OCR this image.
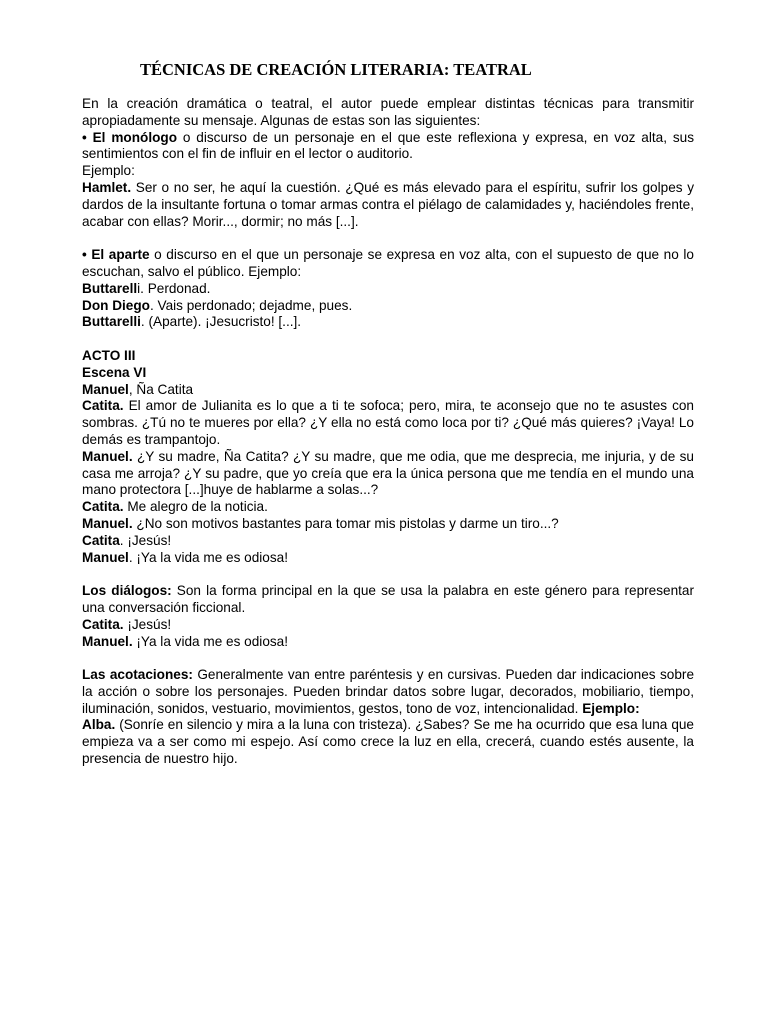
TÉCNICAS DE CREACIÓN LITERARIA: TEATRAL

En la creación dramática o teatral, el autor puede emplear distintas técnicas para transmitir apropiadamente su mensaje. Algunas de estas son las siguientes:

• El monólogo o discurso de un personaje en el que este reflexiona y expresa, en voz alta, sus sentimientos con el fin de influir en el lector o auditorio.

Ejemplo:

Hamlet. Ser o no ser, he aquí la cuestión. ¿Qué es más elevado para el espíritu, sufrir los golpes y dardos de la insultante fortuna o tomar armas contra el piélago de calamidades y, haciéndoles frente, acabar con ellas? Morir..., dormir; no más [...].

• El aparte o discurso en el que un personaje se expresa en voz alta, con el supuesto de que no lo escuchan, salvo el público. Ejemplo:

Buttarelli. Perdonad.

Don Diego. Vais perdonado; dejadme, pues.

Buttarelli. (Aparte). ¡Jesucristo! [...].

ACTO III

Escena VI

Manuel, Ña Catita

Catita. El amor de Julianita es lo que a ti te sofoca; pero, mira, te aconsejo que no te asustes con sombras. ¿Tú no te mueres por ella? ¿Y ella no está como loca por ti? ¿Qué más quieres? ¡Vaya! Lo demás es trampantojo.

Manuel. ¿Y su madre, Ña Catita? ¿Y su madre, que me odia, que me desprecia, me injuria, y de su casa me arroja? ¿Y su padre, que yo creía que era la única persona que me tendía en el mundo una mano protectora [...]huye de hablarme a solas...?

Catita. Me alegro de la noticia.

Manuel. ¿No son motivos bastantes para tomar mis pistolas y darme un tiro...?

Catita. ¡Jesús!

Manuel. ¡Ya la vida me es odiosa!

Los diálogos: Son la forma principal en la que se usa la palabra en este género para representar una conversación ficcional.

Catita. ¡Jesús!

Manuel. ¡Ya la vida me es odiosa!

Las acotaciones: Generalmente van entre paréntesis y en cursivas. Pueden dar indicaciones sobre la acción o sobre los personajes. Pueden brindar datos sobre lugar, decorados, mobiliario, tiempo, iluminación, sonidos, vestuario, movimientos, gestos, tono de voz, intencionalidad. Ejemplo:

Alba. (Sonríe en silencio y mira a la luna con tristeza). ¿Sabes? Se me ha ocurrido que esa luna que empieza va a ser como mi espejo. Así como crece la luz en ella, crecerá, cuando estés ausente, la presencia de nuestro hijo.
